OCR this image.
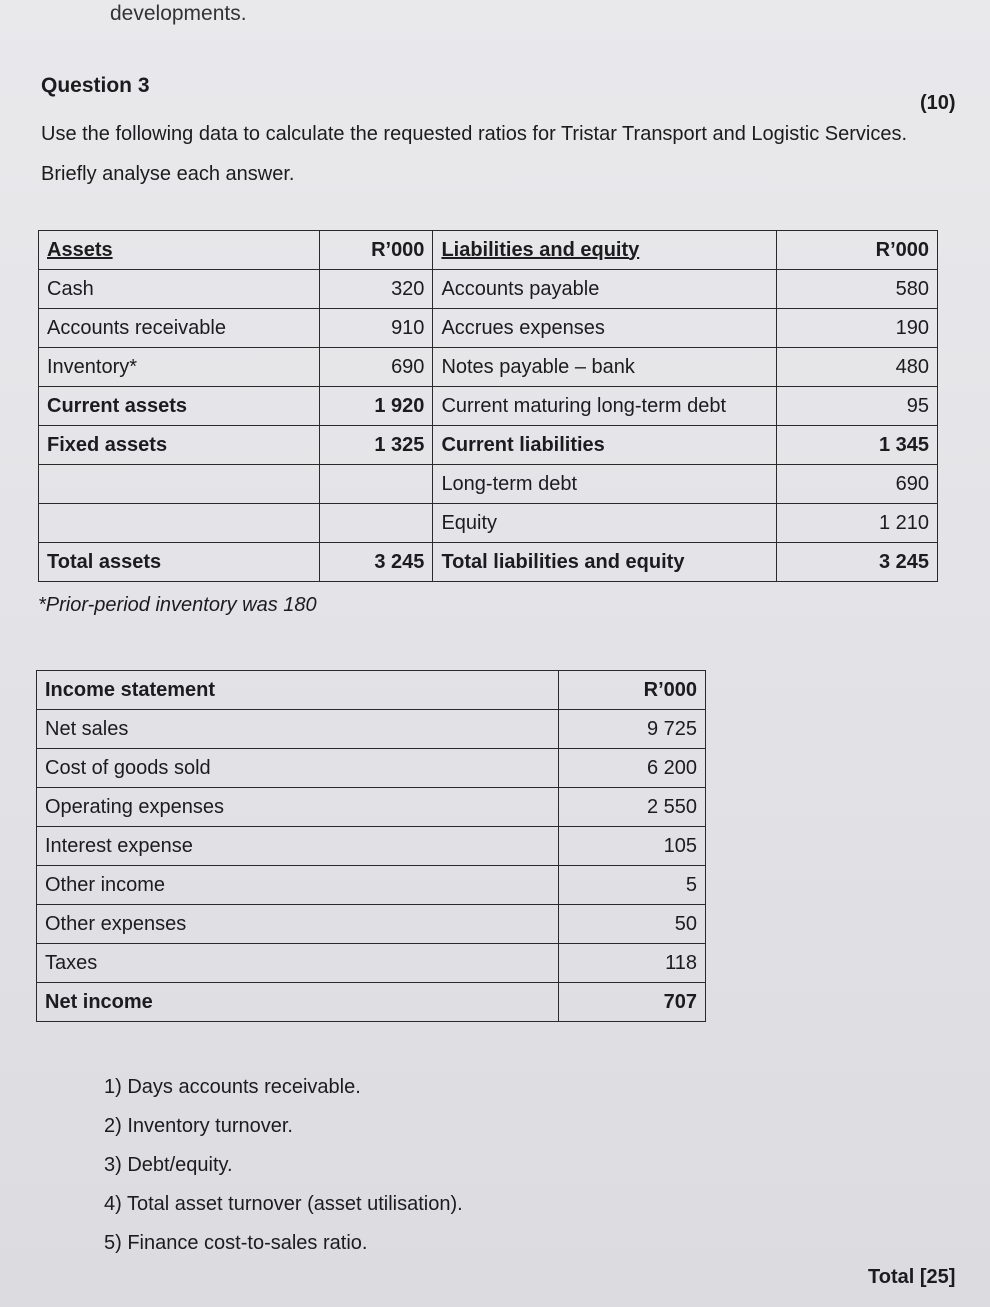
developments.
Question 3
(10)
Use the following data to calculate the requested ratios for Tristar Transport and Logistic Services. Briefly analyse each answer.
Assets	R’000	Liabilities and equity	R’000
Cash	320	Accounts payable	580
Accounts receivable	910	Accrues expenses	190
Inventory*	690	Notes payable – bank	480
Current assets	1 920	Current maturing long-term debt	95
Fixed assets	1 325	Current liabilities	1 345
		Long-term debt	690
		Equity	1 210
Total assets	3 245	Total liabilities and equity	3 245
*Prior-period inventory was 180
Income statement	R’000
Net sales	9 725
Cost of goods sold	6 200
Operating expenses	2 550
Interest expense	105
Other income	5
Other expenses	50
Taxes	118
Net income	707
1) Days accounts receivable.
2) Inventory turnover.
3) Debt/equity.
4) Total asset turnover (asset utilisation).
5) Finance cost-to-sales ratio.
Total [25]
